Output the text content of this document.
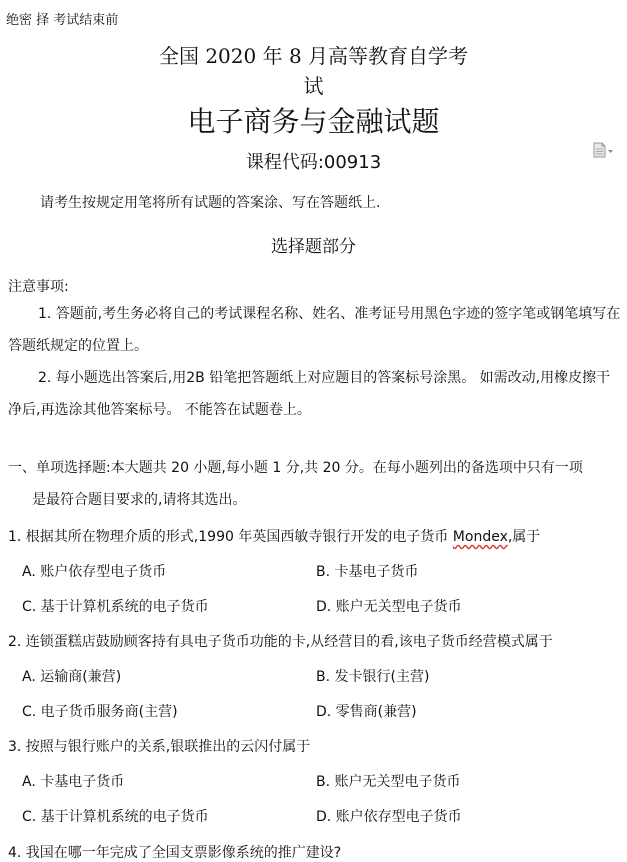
绝密 择 考试结束前
全国 2020 年 8 月高等教育自学考
试
电子商务与金融试题
课程代码:00913
请考生按规定用笔将所有试题的答案涂、写在答题纸上.
选择题部分
注意事项:
1. 答题前,考生务必将自己的考试课程名称、姓名、准考证号用黑色字迹的签字笔或钢笔填写在答题纸规定的位置上。
2. 每小题选出答案后,用2B 铅笔把答题纸上对应题目的答案标号涂黑。 如需改动,用橡皮擦干净后,再选涂其他答案标号。 不能答在试题卷上。
一、单项选择题:本大题共 20 小题,每小题 1 分,共 20 分。在每小题列出的备选项中只有一项
是最符合题目要求的,请将其选出。
1. 根据其所在物理介质的形式,1990 年英国西敏寺银行开发的电子货币 Mondex,属于
A. 账户依存型电子货币	B. 卡基电子货币
C. 基于计算机系统的电子货币	D. 账户无关型电子货币
2. 连锁蛋糕店鼓励顾客持有具电子货币功能的卡,从经营目的看,该电子货币经营模式属于
A. 运输商(兼营)	B. 发卡银行(主营)
C. 电子货币服务商(主营)	D. 零售商(兼营)
3. 按照与银行账户的关系,银联推出的云闪付属于
A. 卡基电子货币	B. 账户无关型电子货币
C. 基于计算机系统的电子货币	D. 账户依存型电子货币
4. 我国在哪一年完成了全国支票影像系统的推广建设?
